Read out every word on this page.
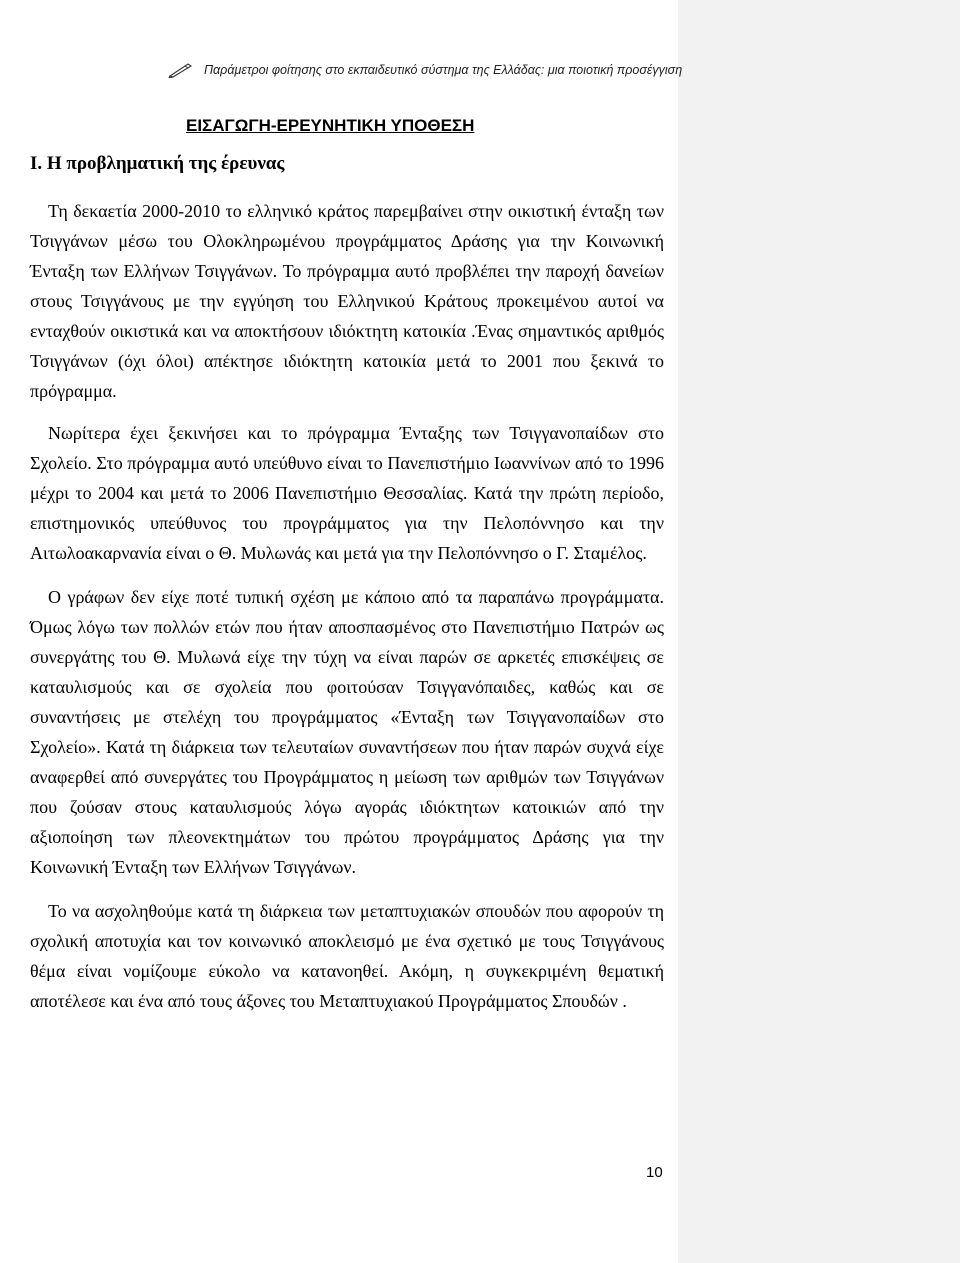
Παράμετροι φοίτησης στο εκπαιδευτικό σύστημα της Ελλάδας: μια ποιοτική προσέγγιση
ΕΙΣΑΓΩΓΗ-ΕΡΕΥΝΗΤΙΚΗ ΥΠΟΘΕΣΗ
Ι. Η προβληματική της έρευνας

Τη δεκαετία 2000-2010 το ελληνικό κράτος παρεμβαίνει στην οικιστική ένταξη των Τσιγγάνων μέσω του Ολοκληρωμένου προγράμματος Δράσης για την Κοινωνική Ένταξη των Ελλήνων Τσιγγάνων. Το πρόγραμμα αυτό προβλέπει την παροχή δανείων στους Τσιγγάνους με την εγγύηση του Ελληνικού Κράτους προκειμένου αυτοί να ενταχθούν οικιστικά και να αποκτήσουν ιδιόκτητη κατοικία .Ένας σημαντικός αριθμός Τσιγγάνων (όχι όλοι) απέκτησε ιδιόκτητη κατοικία μετά το 2001 που ξεκινά το πρόγραμμα.

Νωρίτερα έχει ξεκινήσει και το πρόγραμμα Ένταξης των Τσιγγανοπαίδων στο Σχολείο. Στο πρόγραμμα αυτό υπεύθυνο είναι το Πανεπιστήμιο Ιωαννίνων από το 1996 μέχρι το 2004 και μετά το 2006 Πανεπιστήμιο Θεσσαλίας. Κατά την πρώτη περίοδο, επιστημονικός υπεύθυνος του προγράμματος για την Πελοπόννησο και την Αιτωλοακαρνανία είναι ο Θ. Μυλωνάς και μετά για την Πελοπόννησο ο Γ. Σταμέλος.

Ο γράφων δεν είχε ποτέ τυπική σχέση με κάποιο από τα παραπάνω προγράμματα. Όμως λόγω των πολλών ετών που ήταν αποσπασμένος στο Πανεπιστήμιο Πατρών ως συνεργάτης του Θ. Μυλωνά είχε την τύχη να είναι παρών σε αρκετές επισκέψεις σε καταυλισμούς και σε σχολεία που φοιτούσαν Τσιγγανόπαιδες, καθώς και σε συναντήσεις με στελέχη του προγράμματος «Ένταξη των Τσιγγανοπαίδων στο Σχολείο». Κατά τη διάρκεια των τελευταίων συναντήσεων που ήταν παρών συχνά είχε αναφερθεί από συνεργάτες του Προγράμματος η μείωση των αριθμών των Τσιγγάνων που ζούσαν στους καταυλισμούς λόγω αγοράς ιδιόκτητων κατοικιών από την αξιοποίηση των πλεονεκτημάτων του πρώτου προγράμματος Δράσης για την Κοινωνική Ένταξη των Ελλήνων Τσιγγάνων.

Το να ασχοληθούμε κατά τη διάρκεια των μεταπτυχιακών σπουδών που αφορούν τη σχολική αποτυχία και τον κοινωνικό αποκλεισμό με ένα σχετικό με τους Τσιγγάνους θέμα είναι νομίζουμε εύκολο να κατανοηθεί. Ακόμη, η συγκεκριμένη θεματική αποτέλεσε και ένα από τους άξονες του Μεταπτυχιακού Προγράμματος Σπουδών .

10
